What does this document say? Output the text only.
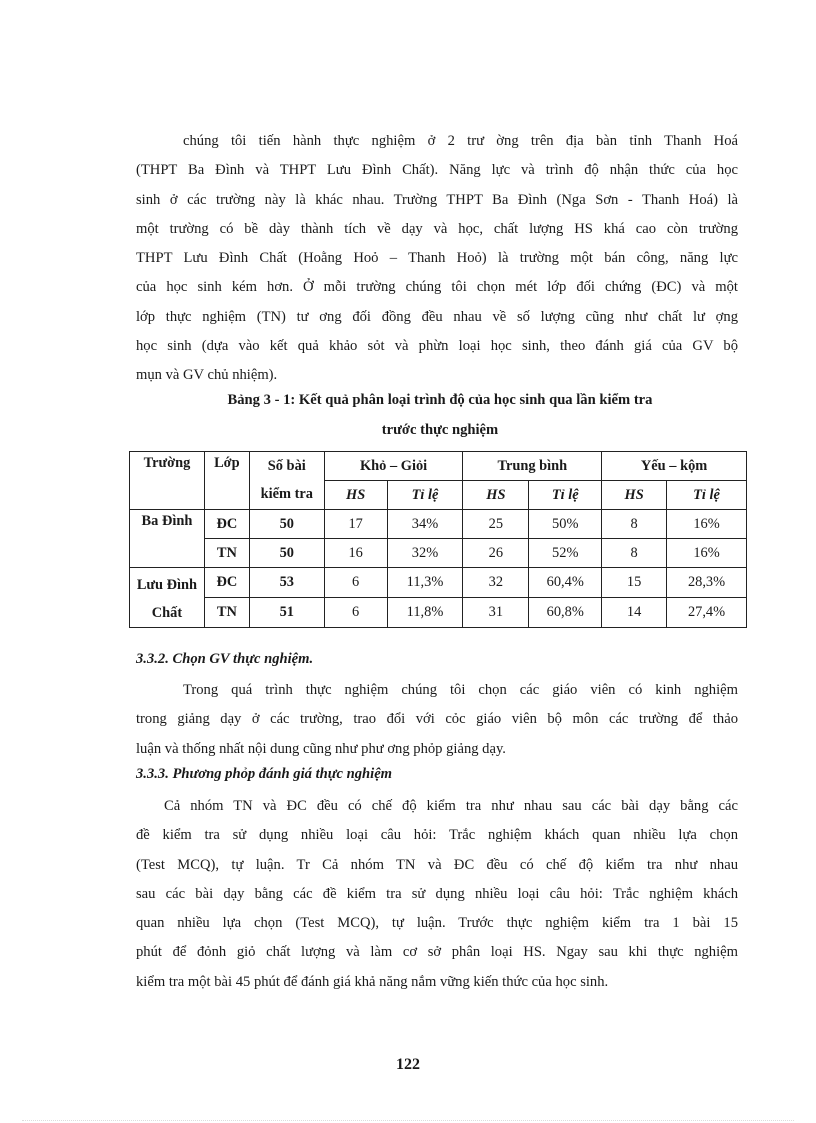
chúng tôi tiến hành thực nghiệm ở 2 trư ờng trên địa bàn tỉnh Thanh Hoá
(THPT Ba Đình và THPT Lưu Đình Chất). Năng lực và trình độ nhận thức của học
sinh ở các trường này là khác nhau. Trường THPT Ba Đình (Nga Sơn - Thanh Hoá) là
một trường có bề dày thành tích về dạy và học, chất lượng HS khá cao còn trường
THPT Lưu Đình Chất (Hoằng Hoỏ – Thanh Hoỏ) là trường một bán công, năng lực
của học sinh kém hơn. Ở mỗi trường chúng tôi chọn mét lớp đối chứng (ĐC) và một
lớp thực nghiệm (TN) tư ơng đối đồng đều nhau về số lượng cũng như chất lư ợng
học sinh (dựa vào kết quả khảo sỏt và phừn loại học sinh, theo đánh giá của GV bộ
mụn và GV chủ nhiệm).

Bảng 3 - 1: Kết quả phân loại trình độ của học sinh qua lần kiểm tra

trước thực nghiệm

Trường	Lớp	Số bài	Khỏ – Giỏi		Trung bình		Yếu – kộm	
		kiểm tra	HS	Tỉ lệ	HS	Tỉ lệ	HS	Tỉ lệ
Ba Đình	ĐC	50	17	34%	25	50%	8	16%
	TN	50	16	32%	26	52%	8	16%
Lưu Đình
Chất	ĐC	53	6	11,3%	32	60,4%	15	28,3%
	TN	51	6	11,8%	31	60,8%	14	27,4%

3.3.2. Chọn GV thực nghiệm.

Trong quá trình thực nghiệm chúng tôi chọn các giáo viên có kinh nghiệm
trong giảng dạy ở các trường, trao đổi với cỏc giáo viên bộ môn các trường để thảo
luận và thống nhất nội dung cũng như phư ơng phỏp giảng dạy.

3.3.3. Phương phỏp đánh giá thực nghiệm

Cả nhóm TN và ĐC đều có chế độ kiểm tra như nhau sau các bài dạy bằng các
đề kiểm tra sử dụng nhiều loại câu hỏi: Trắc nghiệm khách quan nhiều lựa chọn
(Test MCQ), tự luận. Tr Cả nhóm TN và ĐC đều có chế độ kiểm tra như nhau
sau các bài dạy bằng các đề kiểm tra sử dụng nhiều loại câu hỏi: Trắc nghiệm khách
quan nhiều lựa chọn (Test MCQ), tự luận. Trước thực nghiệm kiểm tra 1 bài 15
phút để đỏnh giỏ chất lượng và làm cơ sở phân loại HS. Ngay sau khi thực nghiệm
kiểm tra một bài 45 phút để đánh giá khả năng nắm vững kiến thức của học sinh.
122
